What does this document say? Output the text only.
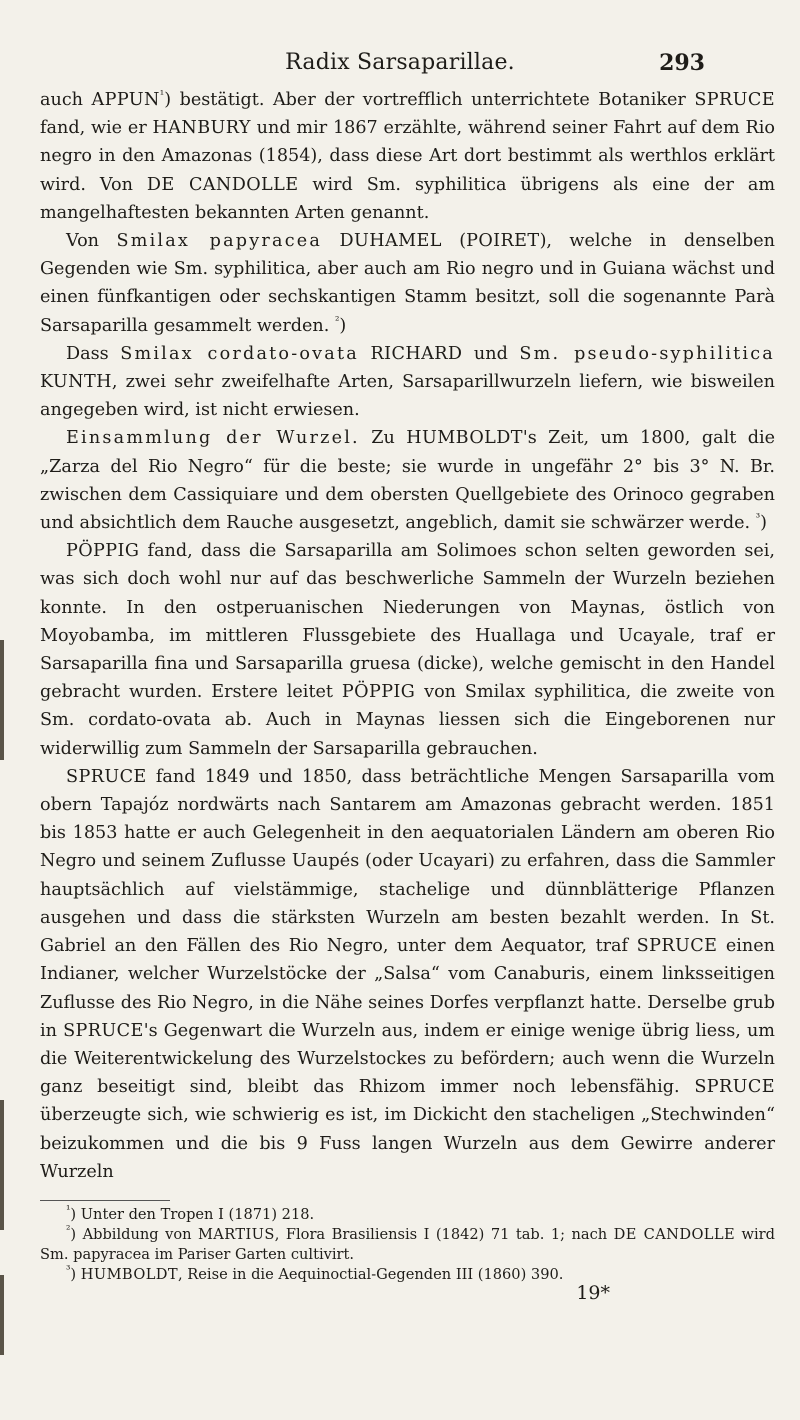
Radix Sarsaparillae.	293

auch $APPUN^{^1}$) bestätigt. Aber der vortrefflich unterrichtete Botaniker SPRUCE fand, wie er HANBURY und mir 1867 erzählte, während seiner Fahrt auf dem Rio negro in den Amazonas (1854), dass diese Art dort bestimmt als werthlos erklärt wird. Von DE CANDOLLE wird Sm. syphilitica übrigens als eine der am mangelhaftesten bekannten Arten genannt.

Von Smilax papyracea DUHAMEL (POIRET), welche in denselben Gegenden wie Sm. syphilitica, aber auch am Rio negro und in Guiana wächst und einen fünfkantigen oder sechskantigen Stamm besitzt, soll die sogenannte Parà Sarsaparilla gesammelt werden. $^{^2}$)

Dass Smilax cordato-ovata RICHARD und Sm. pseudo-syphilitica KUNTH, zwei sehr zweifelhafte Arten, Sarsaparillwurzeln liefern, wie bisweilen angegeben wird, ist nicht erwiesen.

Einsammlung der Wurzel. Zu HUMBOLDT's Zeit, um 1800, galt die „Zarza del Rio Negro“ für die beste; sie wurde in ungefähr 2° bis 3° N. Br. zwischen dem Cassiquiare und dem obersten Quellgebiete des Orinoco gegraben und absichtlich dem Rauche ausgesetzt, angeblich, damit sie schwärzer werde. $^{^3}$)

PÖPPIG fand, dass die Sarsaparilla am Solimoes schon selten geworden sei, was sich doch wohl nur auf das beschwerliche Sammeln der Wurzeln beziehen konnte. In den ostperuanischen Niederungen von Maynas, östlich von Moyobamba, im mittleren Flussgebiete des Huallaga und Ucayale, traf er Sarsaparilla fina und Sarsaparilla gruesa (dicke), welche gemischt in den Handel gebracht wurden. Erstere leitet PÖPPIG von Smilax syphilitica, die zweite von Sm. cordato-ovata ab. Auch in Maynas liessen sich die Eingeborenen nur widerwillig zum Sammeln der Sarsaparilla gebrauchen.

SPRUCE fand 1849 und 1850, dass beträchtliche Mengen Sarsaparilla vom obern Tapajóz nordwärts nach Santarem am Amazonas gebracht werden. 1851 bis 1853 hatte er auch Gelegenheit in den aequatorialen Ländern am oberen Rio Negro und seinem Zuflusse Uaupés (oder Ucayari) zu erfahren, dass die Sammler hauptsächlich auf vielstämmige, stachelige und dünnblätterige Pflanzen ausgehen und dass die stärksten Wurzeln am besten bezahlt werden. In St. Gabriel an den Fällen des Rio Negro, unter dem Aequator, traf SPRUCE einen Indianer, welcher Wurzelstöcke der „Salsa“ vom Canaburis, einem linksseitigen Zuflusse des Rio Negro, in die Nähe seines Dorfes verpflanzt hatte. Derselbe grub in SPRUCE's Gegenwart die Wurzeln aus, indem er einige wenige übrig liess, um die Weiterentwickelung des Wurzelstockes zu befördern; auch wenn die Wurzeln ganz beseitigt sind, bleibt das Rhizom immer noch lebensfähig. SPRUCE überzeugte sich, wie schwierig es ist, im Dickicht den stacheligen „Stechwinden“ beizukommen und die bis 9 Fuss langen Wurzeln aus dem Gewirre anderer Wurzeln

$^{^1}$) Unter den Tropen I (1871) 218.

$^{^2}$) Abbildung von MARTIUS, Flora Brasiliensis I (1842) 71 tab. 1; nach DE CANDOLLE wird Sm. papyracea im Pariser Garten cultivirt.

$^{^3}$) HUMBOLDT, Reise in die Aequinoctial-Gegenden III (1860) 390.

19*
